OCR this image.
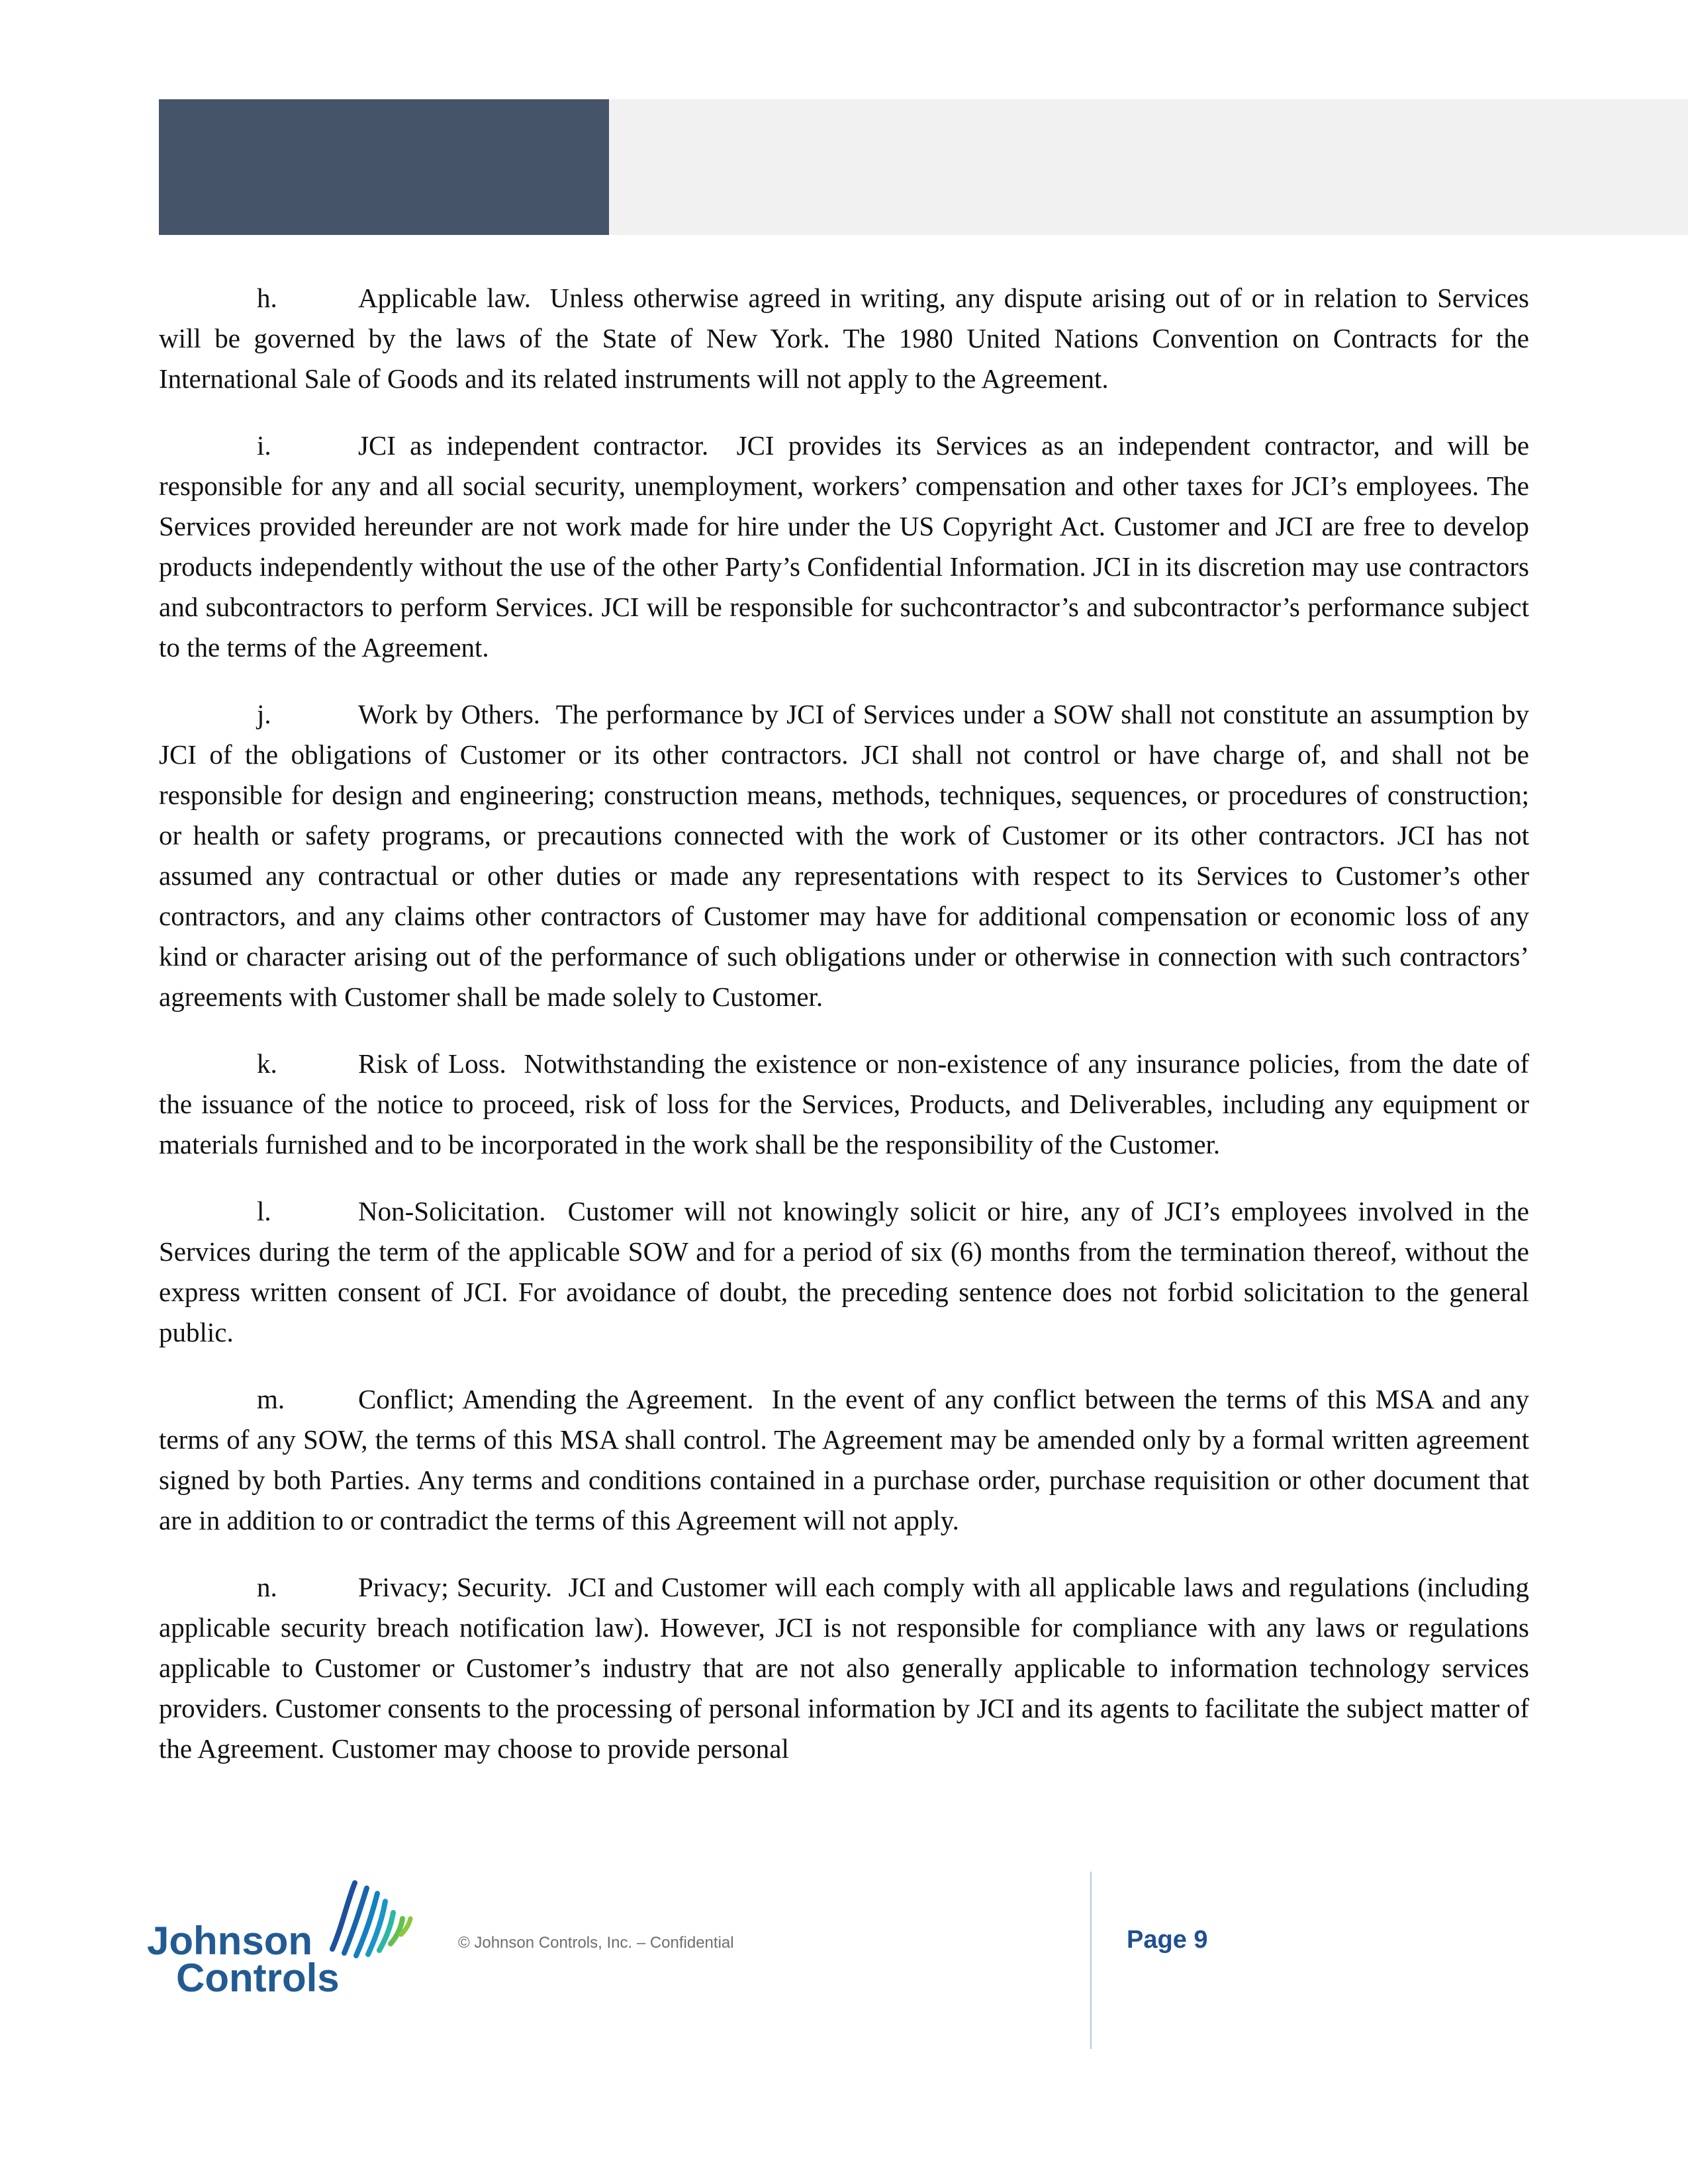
h.	Applicable law. Unless otherwise agreed in writing, any dispute arising out of or in relation to Services will be governed by the laws of the State of New York. The 1980 United Nations Convention on Contracts for the International Sale of Goods and its related instruments will not apply to the Agreement.

i.	JCI as independent contractor. JCI provides its Services as an independent contractor, and will be responsible for any and all social security, unemployment, workers’ compensation and other taxes for JCI’s employees. The Services provided hereunder are not work made for hire under the US Copyright Act. Customer and JCI are free to develop products independently without the use of the other Party’s Confidential Information. JCI in its discretion may use contractors and subcontractors to perform Services. JCI will be responsible for suchcontractor’s and subcontractor’s performance subject to the terms of the Agreement.

j.	Work by Others. The performance by JCI of Services under a SOW shall not constitute an assumption by JCI of the obligations of Customer or its other contractors. JCI shall not control or have charge of, and shall not be responsible for design and engineering; construction means, methods, techniques, sequences, or procedures of construction; or health or safety programs, or precautions connected with the work of Customer or its other contractors. JCI has not assumed any contractual or other duties or made any representations with respect to its Services to Customer’s other contractors, and any claims other contractors of Customer may have for additional compensation or economic loss of any kind or character arising out of the performance of such obligations under or otherwise in connection with such contractors’ agreements with Customer shall be made solely to Customer.

k.	Risk of Loss. Notwithstanding the existence or non-existence of any insurance policies, from the date of the issuance of the notice to proceed, risk of loss for the Services, Products, and Deliverables, including any equipment or materials furnished and to be incorporated in the work shall be the responsibility of the Customer.

l.	Non-Solicitation. Customer will not knowingly solicit or hire, any of JCI’s employees involved in the Services during the term of the applicable SOW and for a period of six (6) months from the termination thereof, without the express written consent of JCI. For avoidance of doubt, the preceding sentence does not forbid solicitation to the general public.

m.	Conflict; Amending the Agreement. In the event of any conflict between the terms of this MSA and any terms of any SOW, the terms of this MSA shall control. The Agreement may be amended only by a formal written agreement signed by both Parties. Any terms and conditions contained in a purchase order, purchase requisition or other document that are in addition to or contradict the terms of this Agreement will not apply.

n.	Privacy; Security. JCI and Customer will each comply with all applicable laws and regulations (including applicable security breach notification law). However, JCI is not responsible for compliance with any laws or regulations applicable to Customer or Customer’s industry that are not also generally applicable to information technology services providers. Customer consents to the processing of personal information by JCI and its agents to facilitate the subject matter of the Agreement. Customer may choose to provide personal

Johnson
Controls
© Johnson Controls, Inc. – Confidential	Page 9
